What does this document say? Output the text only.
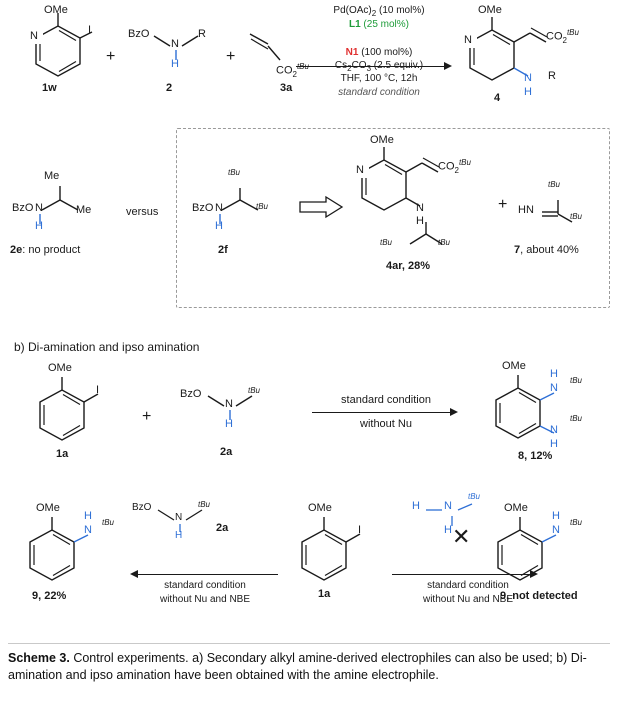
OMe
N	I
1w
+
BzO
N
H
R
2
+
$CO_2^{tBu}$
3a
$Pd(OAc)_2$ (10 mol%)
L1 (25 mol%)
N1 (100 mol%)
$Cs_2CO_3$ (2.5 equiv.)
THF, 100 °C, 12h
standard condition
OMe
N	$CO_2^{tBu}$
N
H
R
4
Me
BzO N
H
Me
2e: no product
versus
$^{tBu}$
BzO N
H
$^{tBu}$
2f
OMe
N	$CO_2^{tBu}$
N
H
$^{tBu}$	$^{tBu}$
4ar, 28%
+ HN
$^{tBu}$
$^{tBu}$
7, about 40%
b) Di-amination and ipso amination
OMe
I
1a
+
BzO
N
H
$^{tBu}$
2a
standard condition
without Nu
OMe
N
H
$^{tBu}$
N
H
$^{tBu}$
8, 12%
OMe
N
H
$^{tBu}$
9, 22%
BzO
N
H
$^{tBu}$
2a
standard condition
without Nu and NBE
OMe
I
1a
✕
H N
H
$^{tBu}$
standard condition
without Nu and NBE
OMe
N
H
$^{tBu}$
9, not detected
Scheme 3. Control experiments. a) Secondary alkyl amine-derived electrophiles can also be used; b) Di-amination and ipso amination have been obtained with the amine electrophile.
